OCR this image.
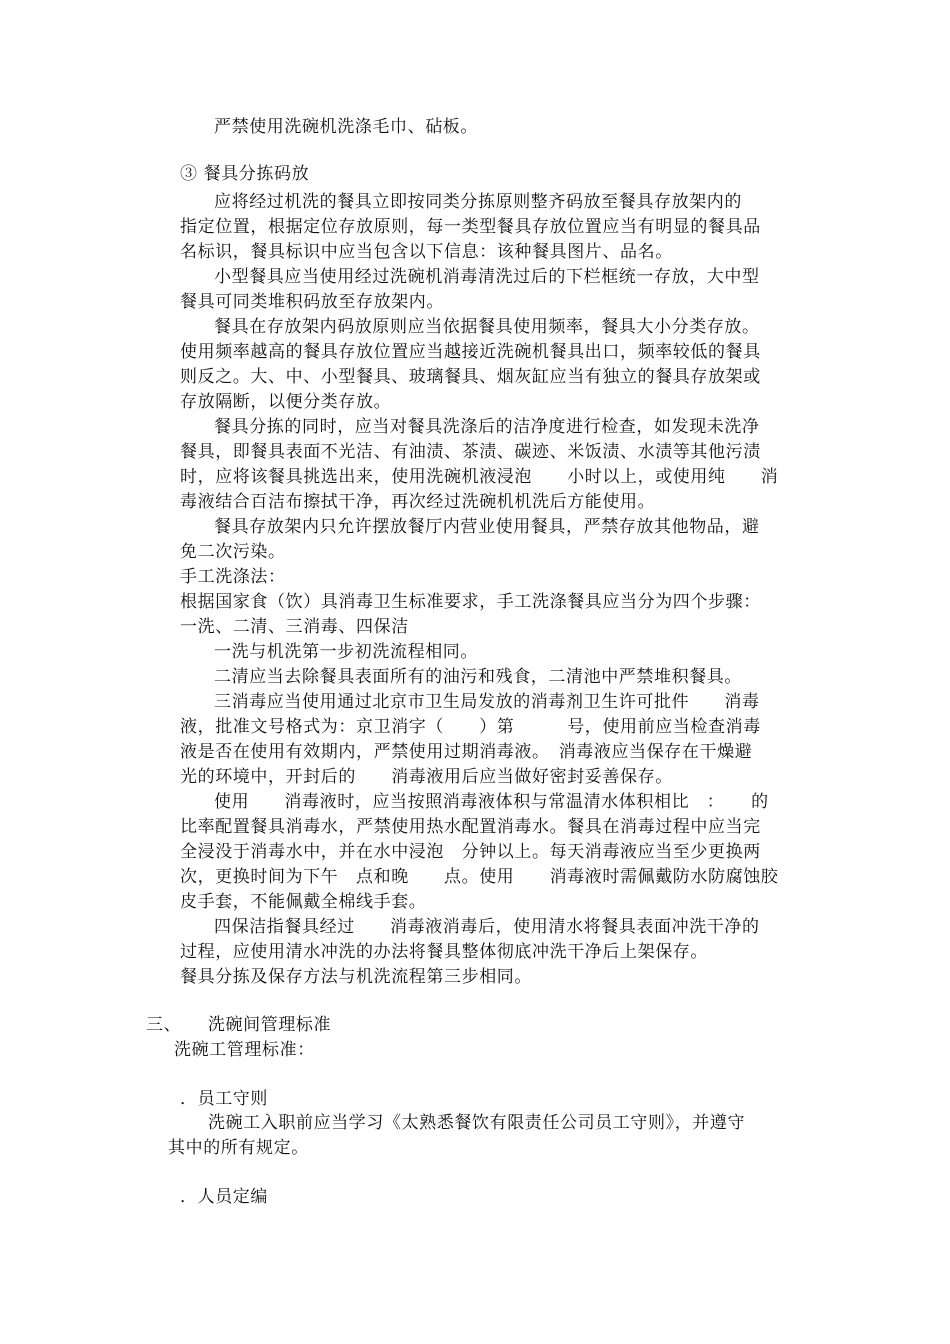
严禁使用洗碗机洗涤毛巾、砧板。
③ 餐具分拣码放
应将经过机洗的餐具立即按同类分拣原则整齐码放至餐具存放架内的
指定位置，根据定位存放原则，每一类型餐具存放位置应当有明显的餐具品
名标识，餐具标识中应当包含以下信息：该种餐具图片、品名。
小型餐具应当使用经过洗碗机消毒清洗过后的下栏框统一存放，大中型
餐具可同类堆积码放至存放架内。
餐具在存放架内码放原则应当依据餐具使用频率，餐具大小分类存放。
使用频率越高的餐具存放位置应当越接近洗碗机餐具出口，频率较低的餐具
则反之。大、中、小型餐具、玻璃餐具、烟灰缸应当有独立的餐具存放架或
存放隔断，以便分类存放。
餐具分拣的同时，应当对餐具洗涤后的洁净度进行检查，如发现未洗净
餐具，即餐具表面不光洁、有油渍、茶渍、碳迹、米饭渍、水渍等其他污渍
时，应将该餐具挑选出来，使用洗碗机液浸泡　　小时以上，或使用纯　　消
毒液结合百洁布擦拭干净，再次经过洗碗机机洗后方能使用。
餐具存放架内只允许摆放餐厅内营业使用餐具，严禁存放其他物品，避
免二次污染。
手工洗涤法：
根据国家食（饮）具消毒卫生标准要求，手工洗涤餐具应当分为四个步骤：
一洗、二清、三消毒、四保洁
一洗与机洗第一步初洗流程相同。
二清应当去除餐具表面所有的油污和残食，二清池中严禁堆积餐具。
三消毒应当使用通过北京市卫生局发放的消毒剂卫生许可批件　　消毒
液，批准文号格式为：京卫消字（　　）第　　　号，使用前应当检查消毒
液是否在使用有效期内，严禁使用过期消毒液。　消毒液应当保存在干燥避
光的环境中，开封后的　　消毒液用后应当做好密封妥善保存。
使用　　消毒液时，应当按照消毒液体积与常温清水体积相比　：　　的
比率配置餐具消毒水，严禁使用热水配置消毒水。餐具在消毒过程中应当完
全浸没于消毒水中，并在水中浸泡　分钟以上。每天消毒液应当至少更换两
次，更换时间为下午　点和晚　　点。使用　　消毒液时需佩戴防水防腐蚀胶
皮手套，不能佩戴全棉线手套。
四保洁指餐具经过　　消毒液消毒后，使用清水将餐具表面冲洗干净的
过程，应使用清水冲洗的办法将餐具整体彻底冲洗干净后上架保存。
餐具分拣及保存方法与机洗流程第三步相同。
三、　　洗碗间管理标准
洗碗工管理标准：
．员工守则
洗碗工入职前应当学习《太熟悉餐饮有限责任公司员工守则》，并遵守
其中的所有规定。
．人员定编
